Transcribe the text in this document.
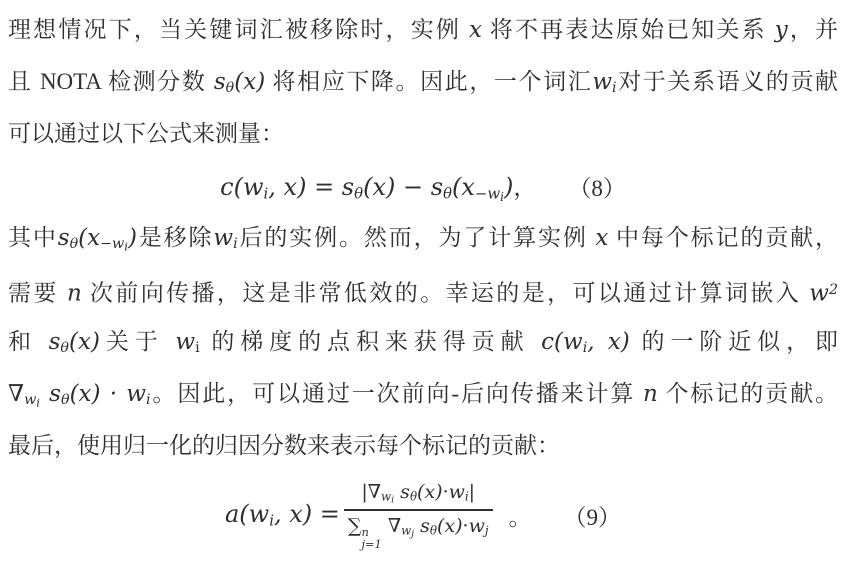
理想情况下，当关键词汇被移除时，实例 x 将不再表达原始已知关系 y，并
且 NOTA 检测分数 sθ(x) 将相应下降。因此，一个词汇wi对于关系语义的贡献
可以通过以下公式来测量：
c(wi, $x) = s\theta(x) - s\theta(x-w_i)$， （8）
其中$s\theta(x-w_i)$是移除wi后的实例。然而，为了计算实例 x 中每个标记的贡献，
需要 n 次前向传播，这是非常低效的。幸运的是，可以通过计算词嵌入 $w^2$
和 sθ(x)关于 wi 的梯度的点积来获得贡献 c(wi, x) 的一阶近似，即
$\nabla w_i$ sθ(x) · wi。因此，可以通过一次前向-后向传播来计算 n 个标记的贡献。
最后，使用归一化的归因分数来表示每个标记的贡献：
a(wi, $x) = |\nabla w_i$ sθ(x)·wi|
∑ n
j=1
$\nabla w_j$ sθ(x)·wj 。 （9）
